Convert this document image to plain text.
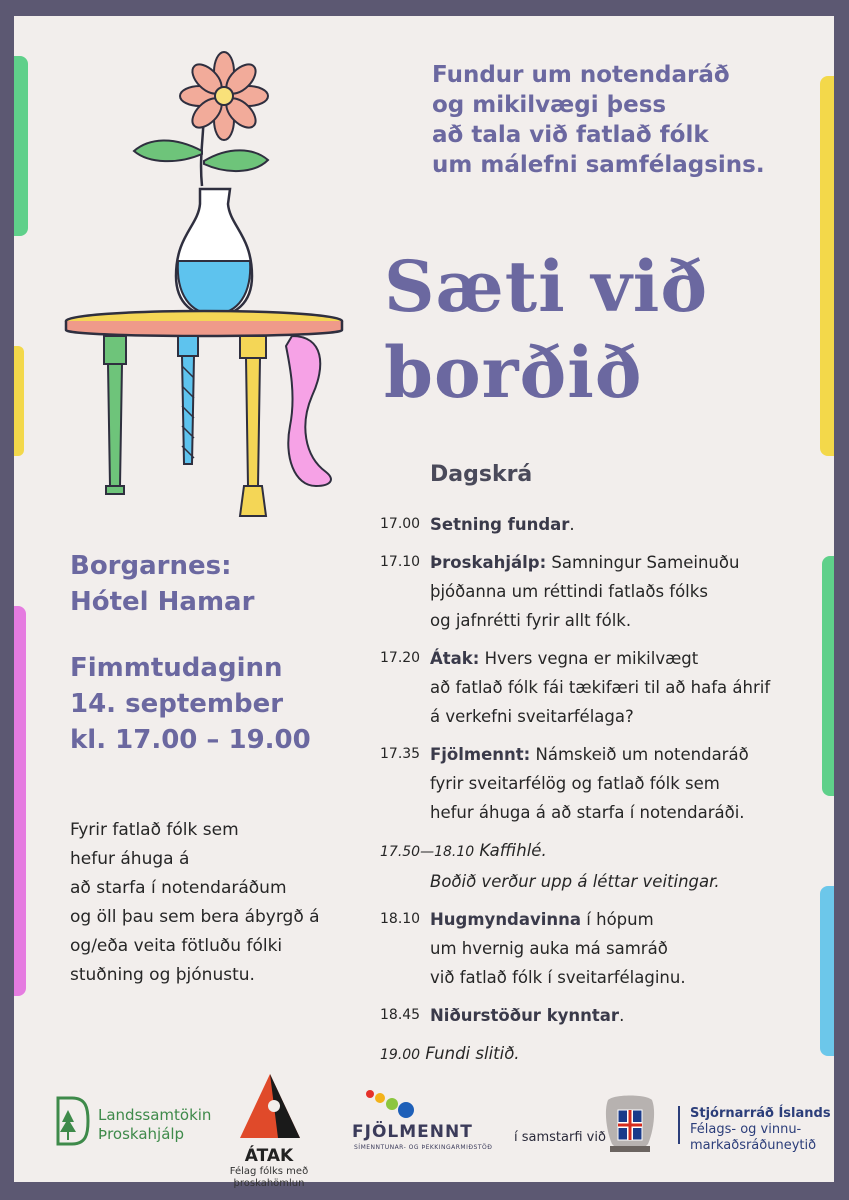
Fundur um notendaráð
og mikilvægi þess
að tala við fatlað fólk
um málefni samfélagsins.
Sæti við
borðið
Borgarnes:
Hótel Hamar
Fimmtudaginn
14. september
kl. 17.00 – 19.00
Fyrir fatlað fólk sem
hefur áhuga á
að starfa í notendaráðum
og öll þau sem bera ábyrgð á
og/eða veita fötluðu fólki
stuðning og þjónustu.
Dagskrá
17.00 Setning fundar.
17.10 Þroskahjálp: Samningur Sameinuðu
þjóðanna um réttindi fatlaðs fólks
og jafnrétti fyrir allt fólk.
17.20 Átak: Hvers vegna er mikilvægt
að fatlað fólk fái tækifæri til að hafa áhrif
á verkefni sveitarfélaga?
17.35 Fjölmennt: Námskeið um notendaráð
fyrir sveitarfélög og fatlað fólk sem
hefur áhuga á að starfa í notendaráði.
17.50—18.10 Kaffihlé.
Boðið verður upp á léttar veitingar.
18.10 Hugmyndavinna í hópum
um hvernig auka má samráð
við fatlað fólk í sveitarfélaginu.
18.45 Niðurstöður kynntar.
19.00 Fundi slitið.
Landssamtökin
Þroskahjálp
ÁTAK
Félag fólks með
þroskahömlun
FJÖLMENNT
SÍMENNTUNAR- OG ÞEKKINGARMIÐSTÖÐ
í samstarfi við
Stjórnarráð Íslands
Félags- og vinnu-
markaðsráðuneytið
